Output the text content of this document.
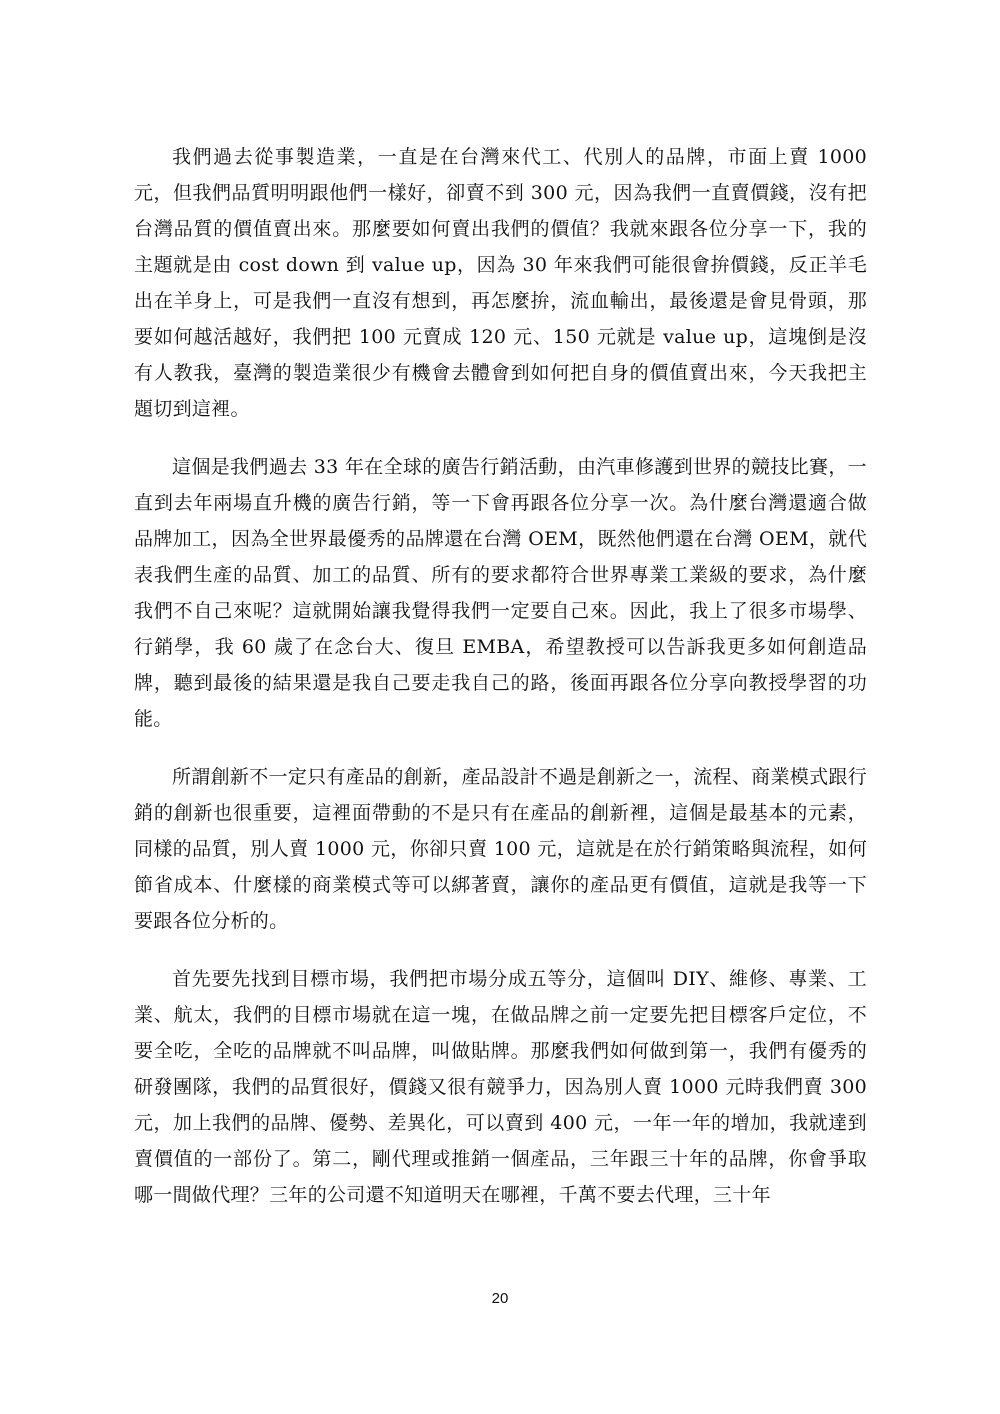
我們過去從事製造業，一直是在台灣來代工、代別人的品牌，市面上賣 1000 元，但我們品質明明跟他們一樣好，卻賣不到 300 元，因為我們一直賣價錢，沒有把台灣品質的價值賣出來。那麼要如何賣出我們的價值？我就來跟各位分享一下，我的主題就是由 cost down 到 value up，因為 30 年來我們可能很會拚價錢，反正羊毛出在羊身上，可是我們一直沒有想到，再怎麼拚，流血輸出，最後還是會見骨頭，那要如何越活越好，我們把 100 元賣成 120 元、150 元就是 value up，這塊倒是沒有人教我，臺灣的製造業很少有機會去體會到如何把自身的價值賣出來，今天我把主題切到這裡。

這個是我們過去 33 年在全球的廣告行銷活動，由汽車修護到世界的競技比賽，一直到去年兩場直升機的廣告行銷，等一下會再跟各位分享一次。為什麼台灣還適合做品牌加工，因為全世界最優秀的品牌還在台灣 OEM，既然他們還在台灣 OEM，就代表我們生產的品質、加工的品質、所有的要求都符合世界專業工業級的要求，為什麼我們不自己來呢？這就開始讓我覺得我們一定要自己來。因此，我上了很多市場學、行銷學，我 60 歲了在念台大、復旦 EMBA，希望教授可以告訴我更多如何創造品牌，聽到最後的結果還是我自己要走我自己的路，後面再跟各位分享向教授學習的功能。

所謂創新不一定只有產品的創新，產品設計不過是創新之一，流程、商業模式跟行銷的創新也很重要，這裡面帶動的不是只有在產品的創新裡，這個是最基本的元素，同樣的品質，別人賣 1000 元，你卻只賣 100 元，這就是在於行銷策略與流程，如何節省成本、什麼樣的商業模式等可以綁著賣，讓你的產品更有價值，這就是我等一下要跟各位分析的。

首先要先找到目標市場，我們把市場分成五等分，這個叫 DIY、維修、專業、工業、航太，我們的目標市場就在這一塊，在做品牌之前一定要先把目標客戶定位，不要全吃，全吃的品牌就不叫品牌，叫做貼牌。那麼我們如何做到第一，我們有優秀的研發團隊，我們的品質很好，價錢又很有競爭力，因為別人賣 1000 元時我們賣 300 元，加上我們的品牌、優勢、差異化，可以賣到 400 元，一年一年的增加，我就達到賣價值的一部份了。第二，剛代理或推銷一個產品，三年跟三十年的品牌，你會爭取哪一間做代理？三年的公司還不知道明天在哪裡，千萬不要去代理，三十年

20
